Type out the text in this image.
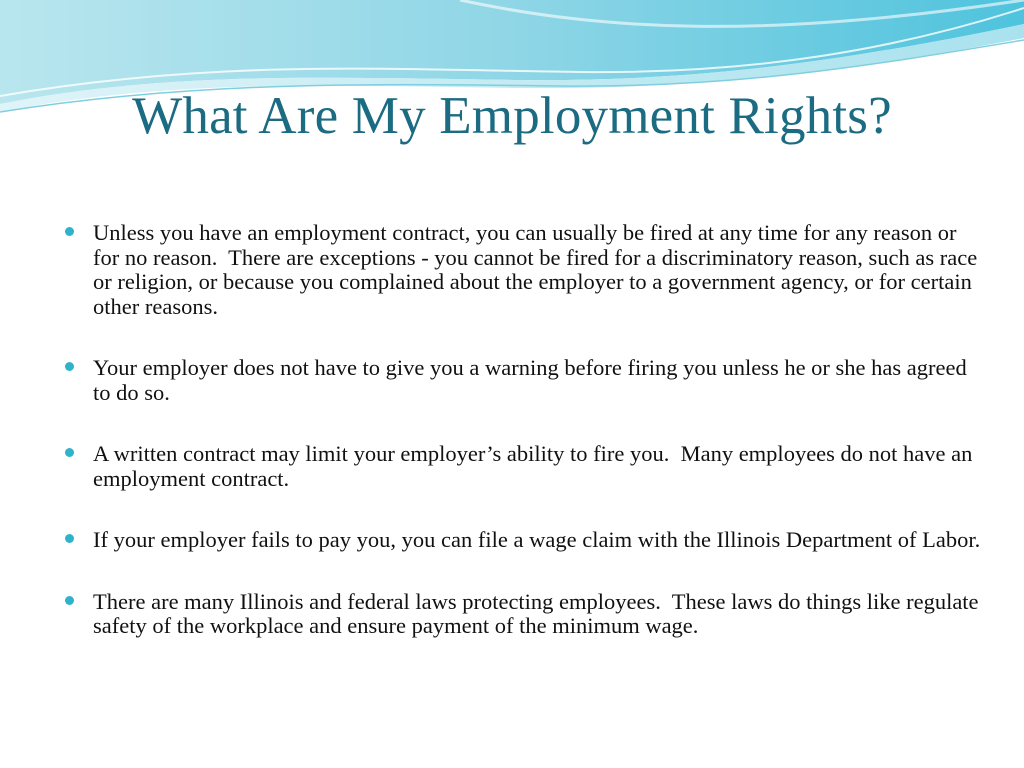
What Are My Employment Rights?
Unless you have an employment contract, you can usually be fired at any time for any reason or for no reason.  There are exceptions - you cannot be fired for a discriminatory reason, such as race or religion, or because you complained about the employer to a government agency, or for certain other reasons.
Your employer does not have to give you a warning before firing you unless he or she has agreed to do so.
A written contract may limit your employer’s ability to fire you.  Many employees do not have an employment contract.
If your employer fails to pay you, you can file a wage claim with the Illinois Department of Labor.
There are many Illinois and federal laws protecting employees.  These laws do things like regulate safety of the workplace and ensure payment of the minimum wage.
